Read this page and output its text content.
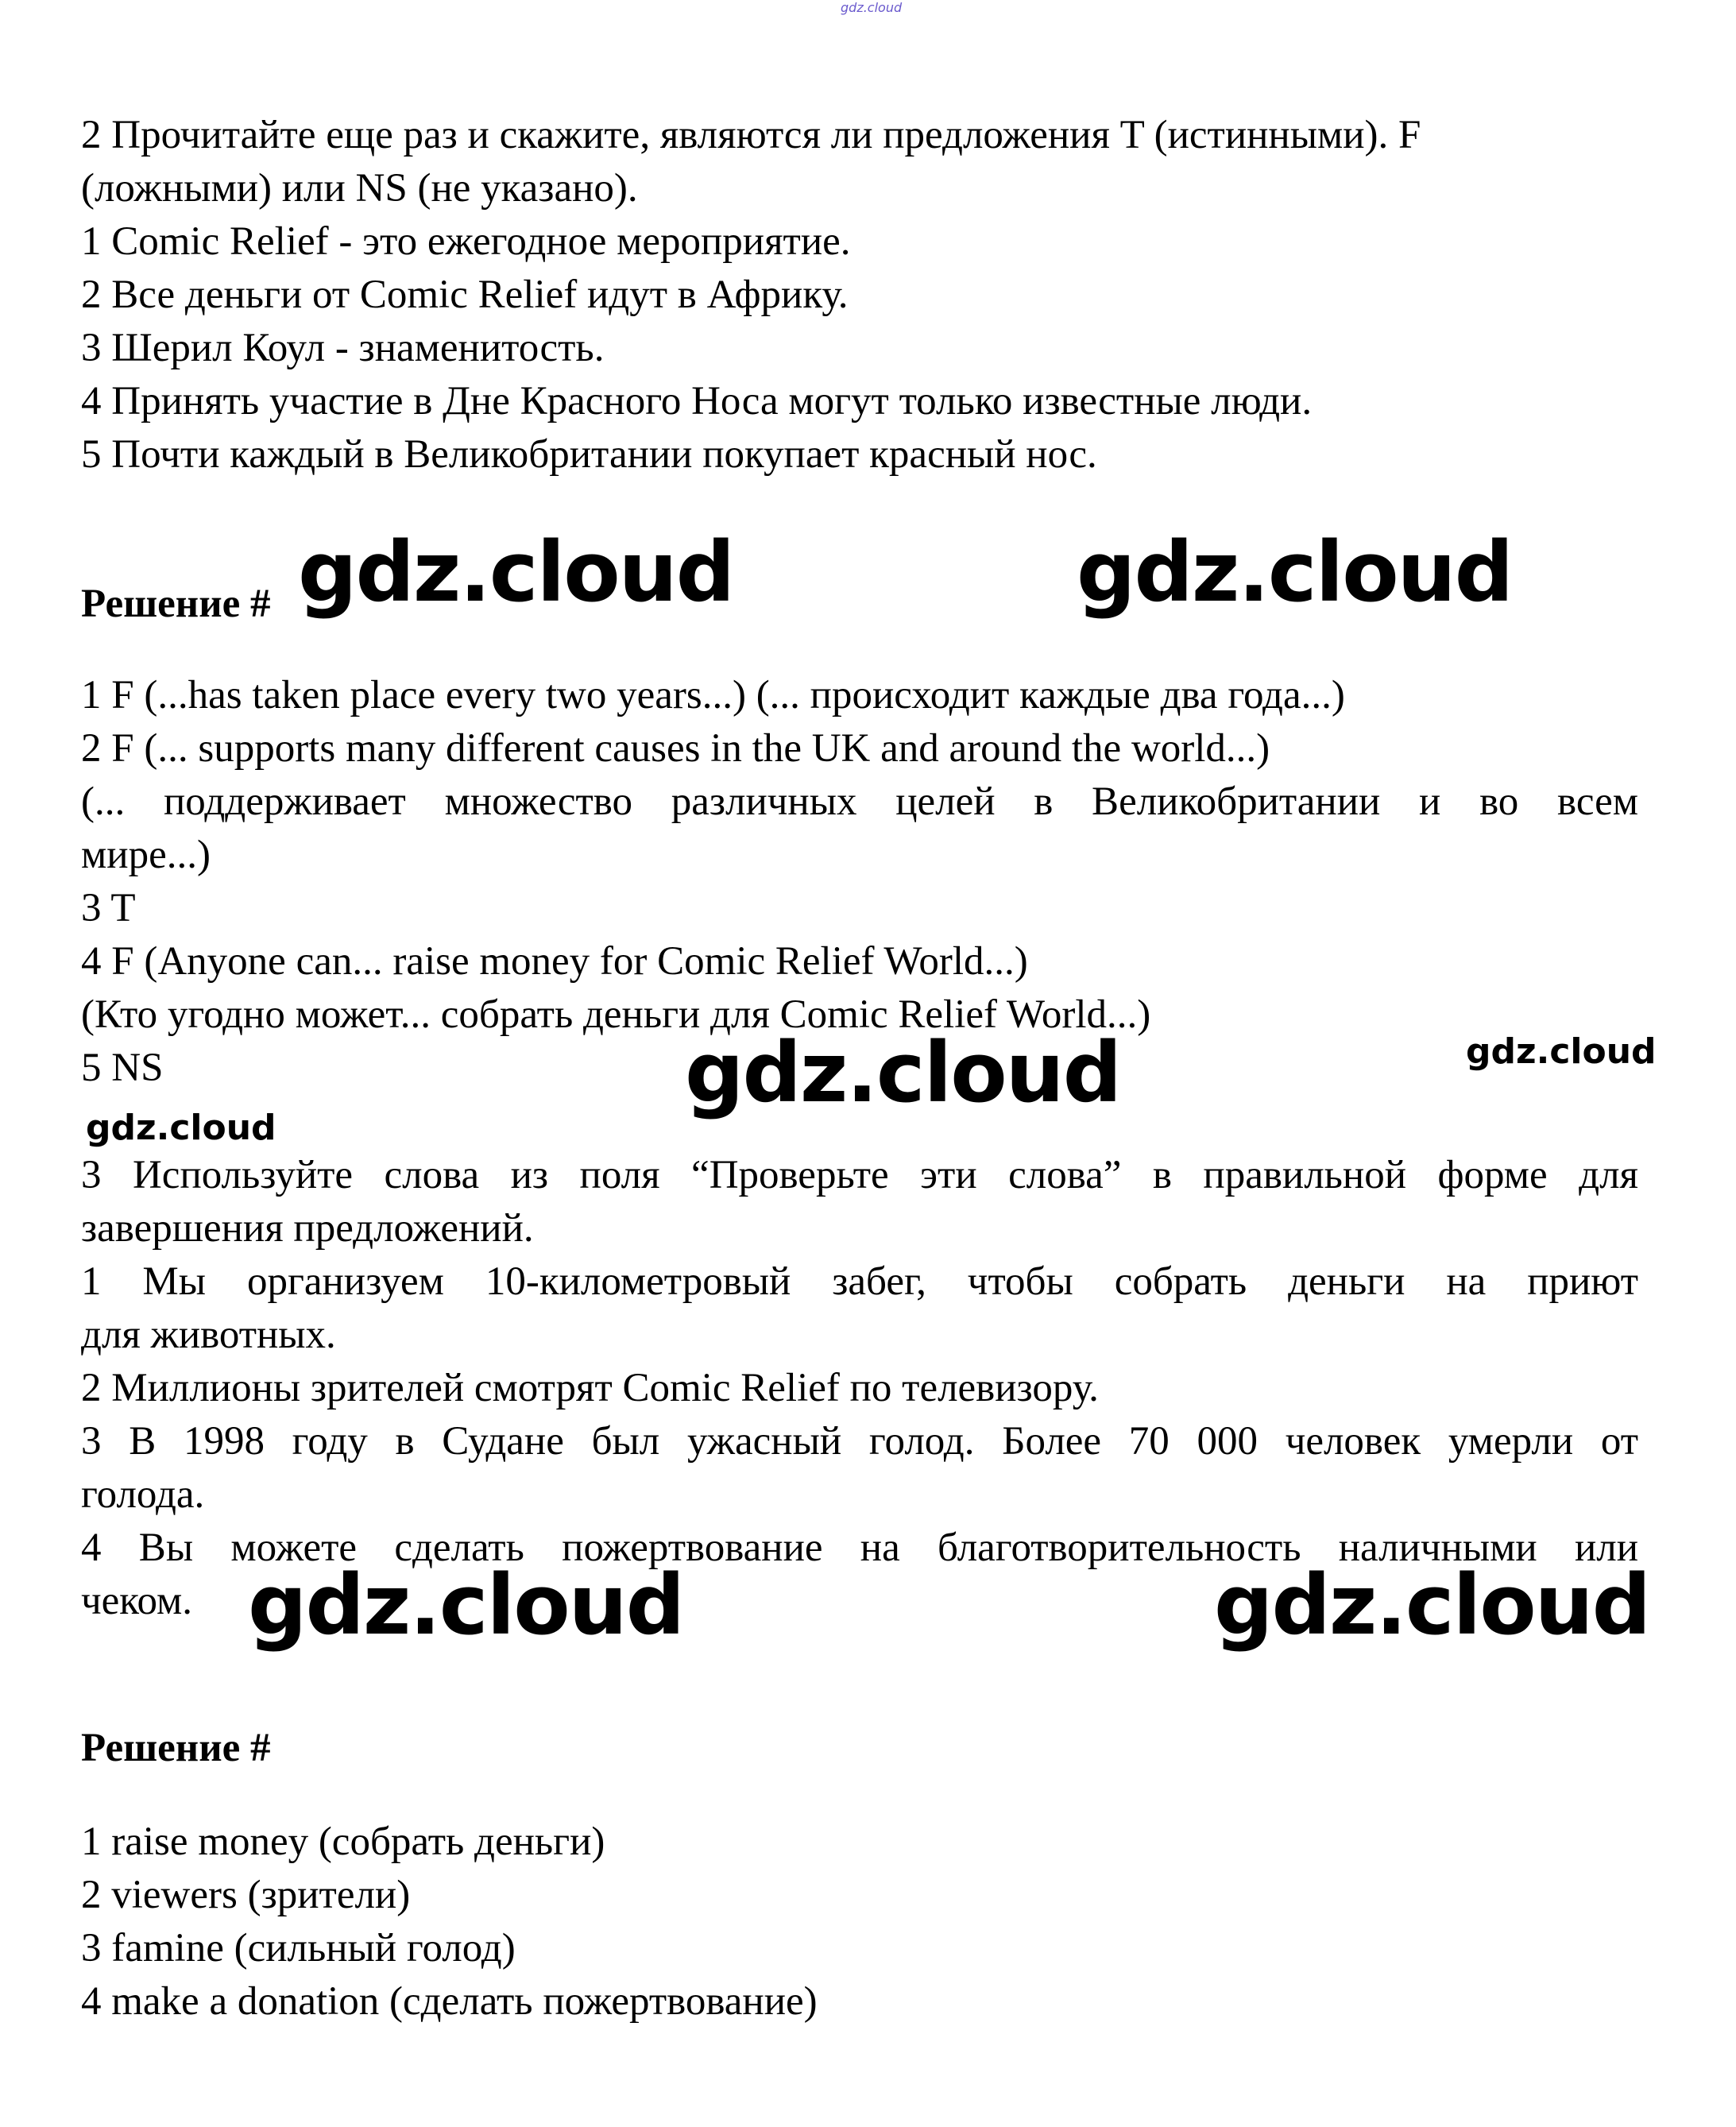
gdz.cloud
2 Прочитайте еще раз и скажите, являются ли предложения T (истинными). F
(ложными) или NS (не указано).
1 Comic Relief - это ежегодное мероприятие.
2 Все деньги от Comic Relief идут в Африку.
3 Шерил Коул - знаменитость.
4 Принять участие в Дне Красного Носа могут только известные люди.
5 Почти каждый в Великобритании покупает красный нос.
Решение #
1 F (...has taken place every two years...) (... происходит каждые два года...)
2 F (... supports many different causes in the UK and around the world...)
(... поддерживает множество различных целей в Великобритании и во всем
мире...)
3 T
4 F (Anyone can... raise money for Comic Relief World...)
(Кто угодно может... собрать деньги для Comic Relief World...)
5 NS
3 Используйте слова из поля “Проверьте эти слова” в правильной форме для
завершения предложений.
1 Мы организуем 10-километровый забег, чтобы собрать деньги на приют
для животных.
2 Миллионы зрителей смотрят Comic Relief по телевизору.
3 В 1998 году в Судане был ужасный голод. Более 70 000 человек умерли от
голода.
4 Вы можете сделать пожертвование на благотворительность наличными или
чеком.
Решение #
1 raise money (собрать деньги)
2 viewers (зрители)
3 famine (сильный голод)
4 make a donation (сделать пожертвование)
gdz.cloud	gdz.cloud
gdz.cloud	gdz.cloud
gdz.cloud
gdz.cloud	gdz.cloud
